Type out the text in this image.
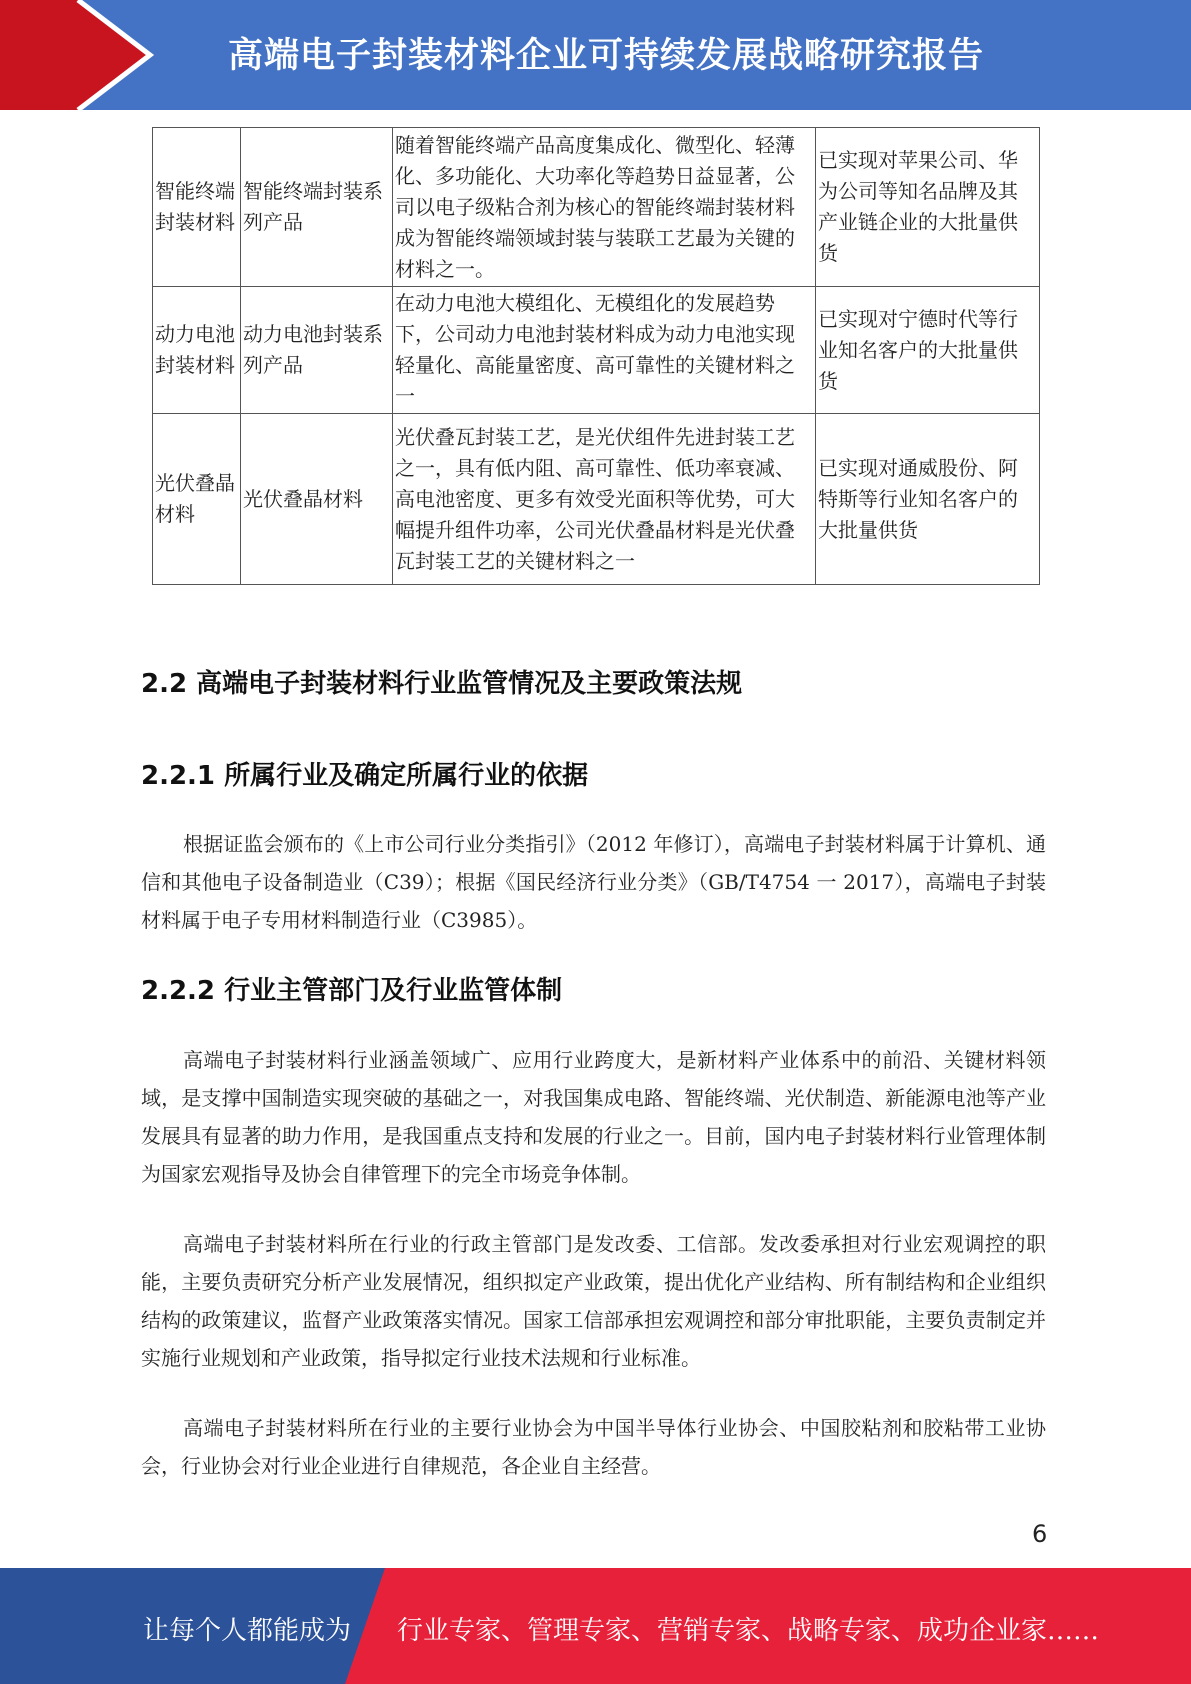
高端电子封装材料企业可持续发展战略研究报告
智能终端封装材料	智能终端封装系列产品	随着智能终端产品高度集成化、微型化、轻薄化、多功能化、大功率化等趋势日益显著，公司以电子级粘合剂为核心的智能终端封装材料成为智能终端领域封装与装联工艺最为关键的材料之一。	已实现对苹果公司、华为公司等知名品牌及其产业链企业的大批量供货
动力电池封装材料	动力电池封装系列产品	在动力电池大模组化、无模组化的发展趋势下，公司动力电池封装材料成为动力电池实现轻量化、高能量密度、高可靠性的关键材料之一	已实现对宁德时代等行业知名客户的大批量供货
光伏叠晶材料	光伏叠晶材料	光伏叠瓦封装工艺，是光伏组件先进封装工艺之一，具有低内阻、高可靠性、低功率衰减、高电池密度、更多有效受光面积等优势，可大幅提升组件功率，公司光伏叠晶材料是光伏叠瓦封装工艺的关键材料之一	已实现对通威股份、阿特斯等行业知名客户的大批量供货
2.2 高端电子封装材料行业监管情况及主要政策法规
2.2.1 所属行业及确定所属行业的依据

根据证监会颁布的《上市公司行业分类指引》（2012 年修订），高端电子封装材料属于计算机、通信和其他电子设备制造业（C39）；根据《国民经济行业分类》（GB/T4754 一 2017），高端电子封装材料属于电子专用材料制造行业（C3985）。

2.2.2 行业主管部门及行业监管体制

高端电子封装材料行业涵盖领域广、应用行业跨度大，是新材料产业体系中的前沿、关键材料领域，是支撑中国制造实现突破的基础之一，对我国集成电路、智能终端、光伏制造、新能源电池等产业发展具有显著的助力作用，是我国重点支持和发展的行业之一。目前，国内电子封装材料行业管理体制为国家宏观指导及协会自律管理下的完全市场竞争体制。

高端电子封装材料所在行业的行政主管部门是发改委、工信部。发改委承担对行业宏观调控的职能，主要负责研究分析产业发展情况，组织拟定产业政策，提出优化产业结构、所有制结构和企业组织结构的政策建议，监督产业政策落实情况。国家工信部承担宏观调控和部分审批职能，主要负责制定并实施行业规划和产业政策，指导拟定行业技术法规和行业标准。

高端电子封装材料所在行业的主要行业协会为中国半导体行业协会、中国胶粘剂和胶粘带工业协会，行业协会对行业企业进行自律规范，各企业自主经营。

6
让每个人都能成为 行业专家、管理专家、营销专家、战略专家、成功企业家……
